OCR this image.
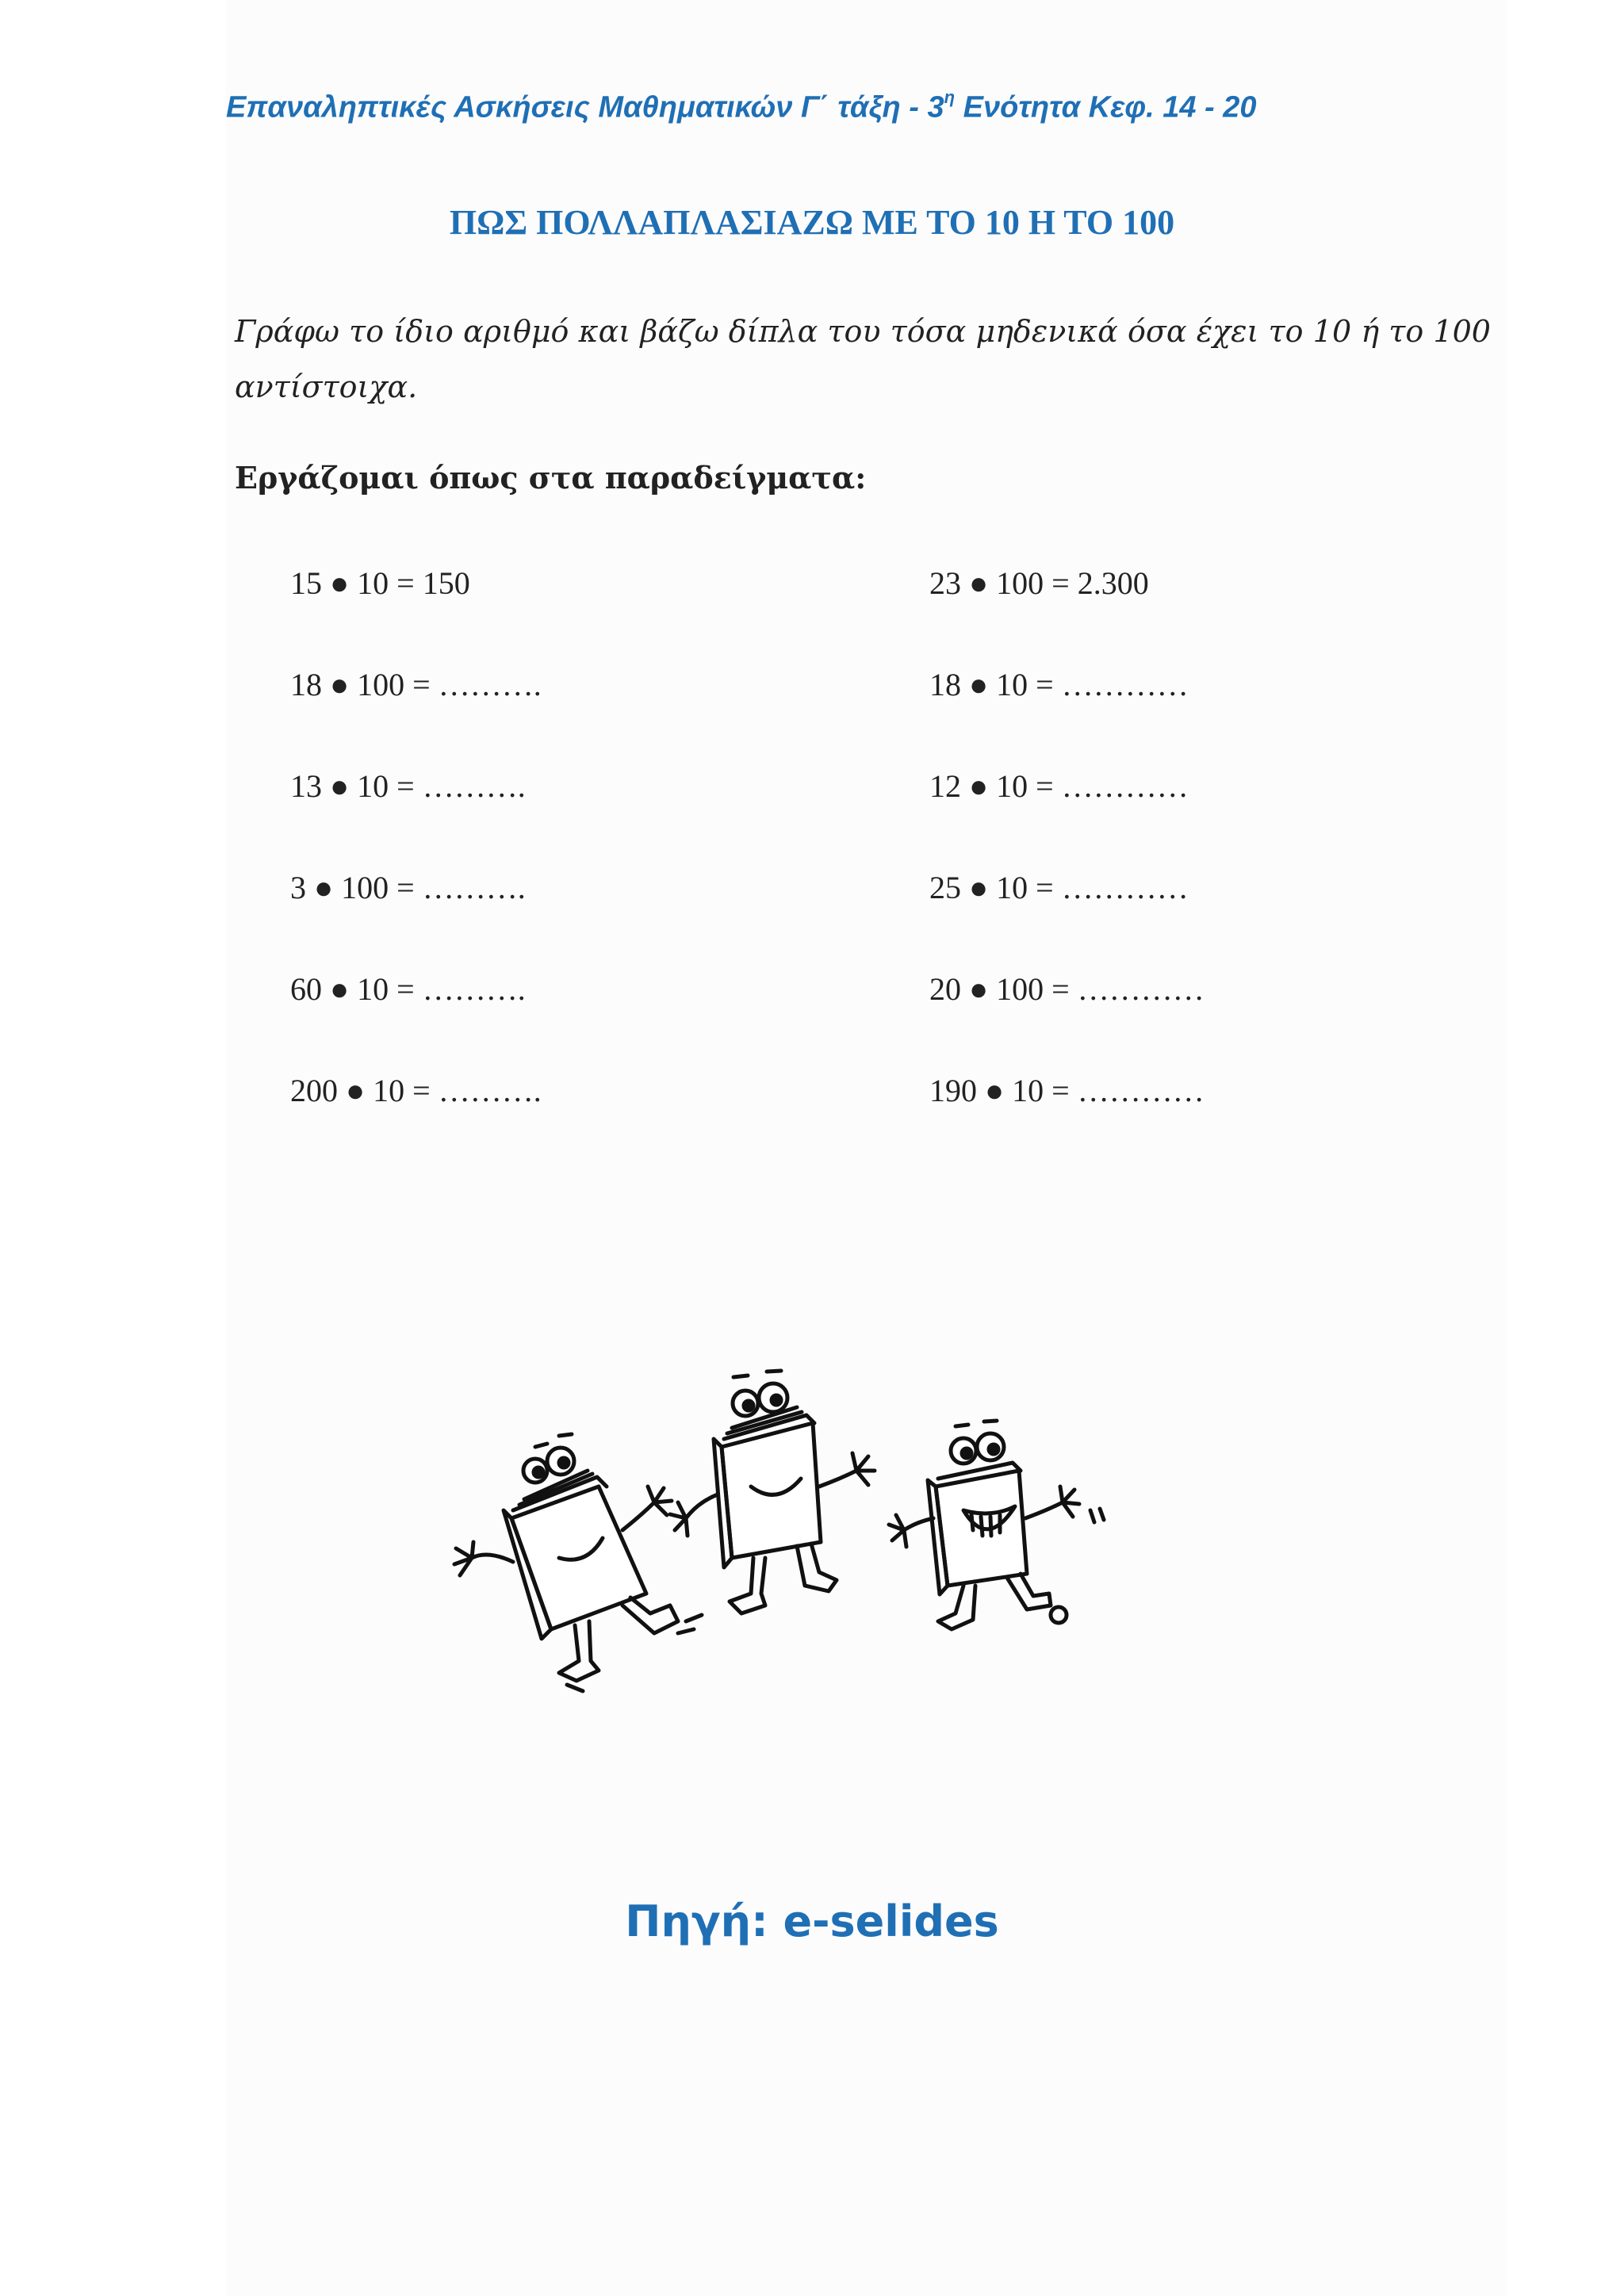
Επαναληπτικές Ασκήσεις Μαθηματικών Γ΄ τάξη - $3^\eta$ Ενότητα Κεφ. 14 - 20
ΠΩΣ ΠΟΛΛΑΠΛΑΣΙΑΖΩ ΜΕ ΤΟ 10 Η ΤΟ 100
Γράφω το ίδιο αριθμό και βάζω δίπλα του τόσα μηδενικά όσα έχει το 10 ή το 100 αντίστοιχα.
Εργάζομαι όπως στα παραδείγματα:
15 ● 10 = 150
18 ● 100 = ……….
13 ● 10 = ……….
3 ● 100 = ……….
60 ● 10 = ……….
200 ● 10 = ……….
23 ● 100 = 2.300
18 ● 10 = …………
12 ● 10 = …………
25 ● 10 = …………
20 ● 100 = …………
190 ● 10 = …………
Πηγή: e-selides
